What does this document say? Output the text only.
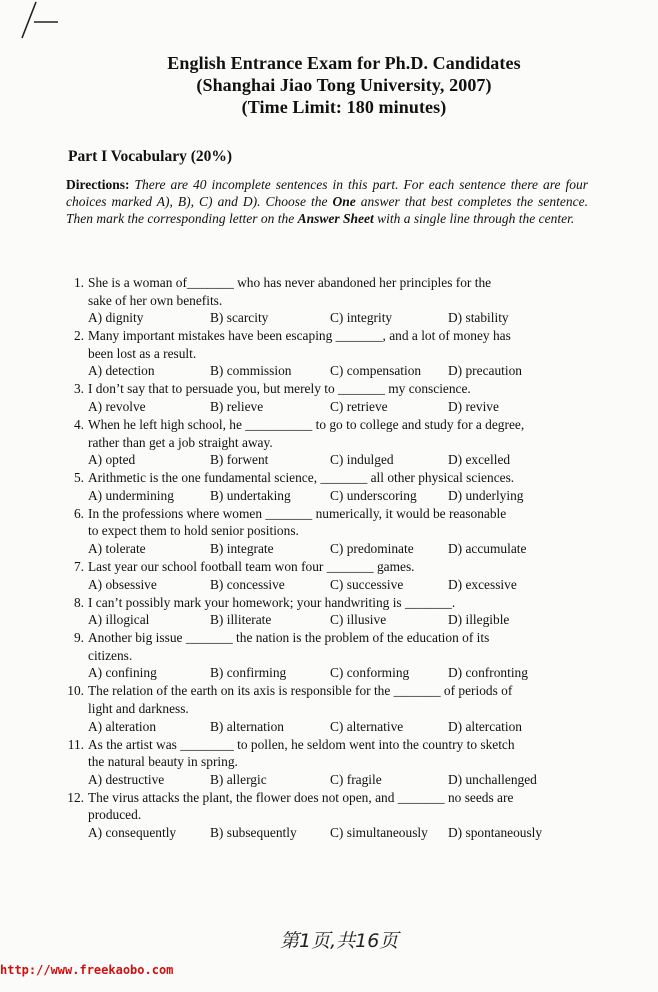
English Entrance Exam for Ph.D. Candidates
(Shanghai Jiao Tong University, 2007)
(Time Limit: 180 minutes)
Part I Vocabulary (20%)
Directions: There are 40 incomplete sentences in this part. For each sentence there are four choices marked A), B), C) and D). Choose the One answer that best completes the sentence. Then mark the corresponding letter on the Answer Sheet with a single line through the center.
1. She is a woman of_______ who has never abandoned her principles for the
sake of her own benefits.
A) dignity	B) scarcity	C) integrity	D) stability
2. Many important mistakes have been escaping _______, and a lot of money has
been lost as a result.
A) detection	B) commission	C) compensation D) precaution
3. I don’t say that to persuade you, but merely to _______ my conscience.
A) revolve	B) relieve	C) retrieve	D) revive
4. When he left high school, he __________ to go to college and study for a degree,
rather than get a job straight away.
A) opted	B) forwent	C) indulged	D) excelled
5. Arithmetic is the one fundamental science, _______ all other physical sciences.
A) undermining	B) undertaking	C) underscoring D) underlying
6. In the professions where women _______ numerically, it would be reasonable
to expect them to hold senior positions.
A) tolerate	B) integrate	C) predominate	D) accumulate
7. Last year our school football team won four _______ games.
A) obsessive	B) concessive	C) successive	D) excessive
8. I can’t possibly mark your homework; your handwriting is _______.
A) illogical	B) illiterate	C) illusive	D) illegible
9. Another big issue _______ the nation is the problem of the education of its
citizens.
A) confining	B) confirming	C) conforming	D) confronting
10. The relation of the earth on its axis is responsible for the _______ of periods of
light and darkness.
A) alteration	B) alternation	C) alternative	D) altercation
11. As the artist was ________ to pollen, he seldom went into the country to sketch
the natural beauty in spring.
A) destructive	B) allergic	C) fragile	D) unchallenged
12. The virus attacks the plant, the flower does not open, and _______ no seeds are
produced.
A) consequently	B) subsequently C) simultaneously D) spontaneously
第1页,共16页
http://www.freekaobo.com
